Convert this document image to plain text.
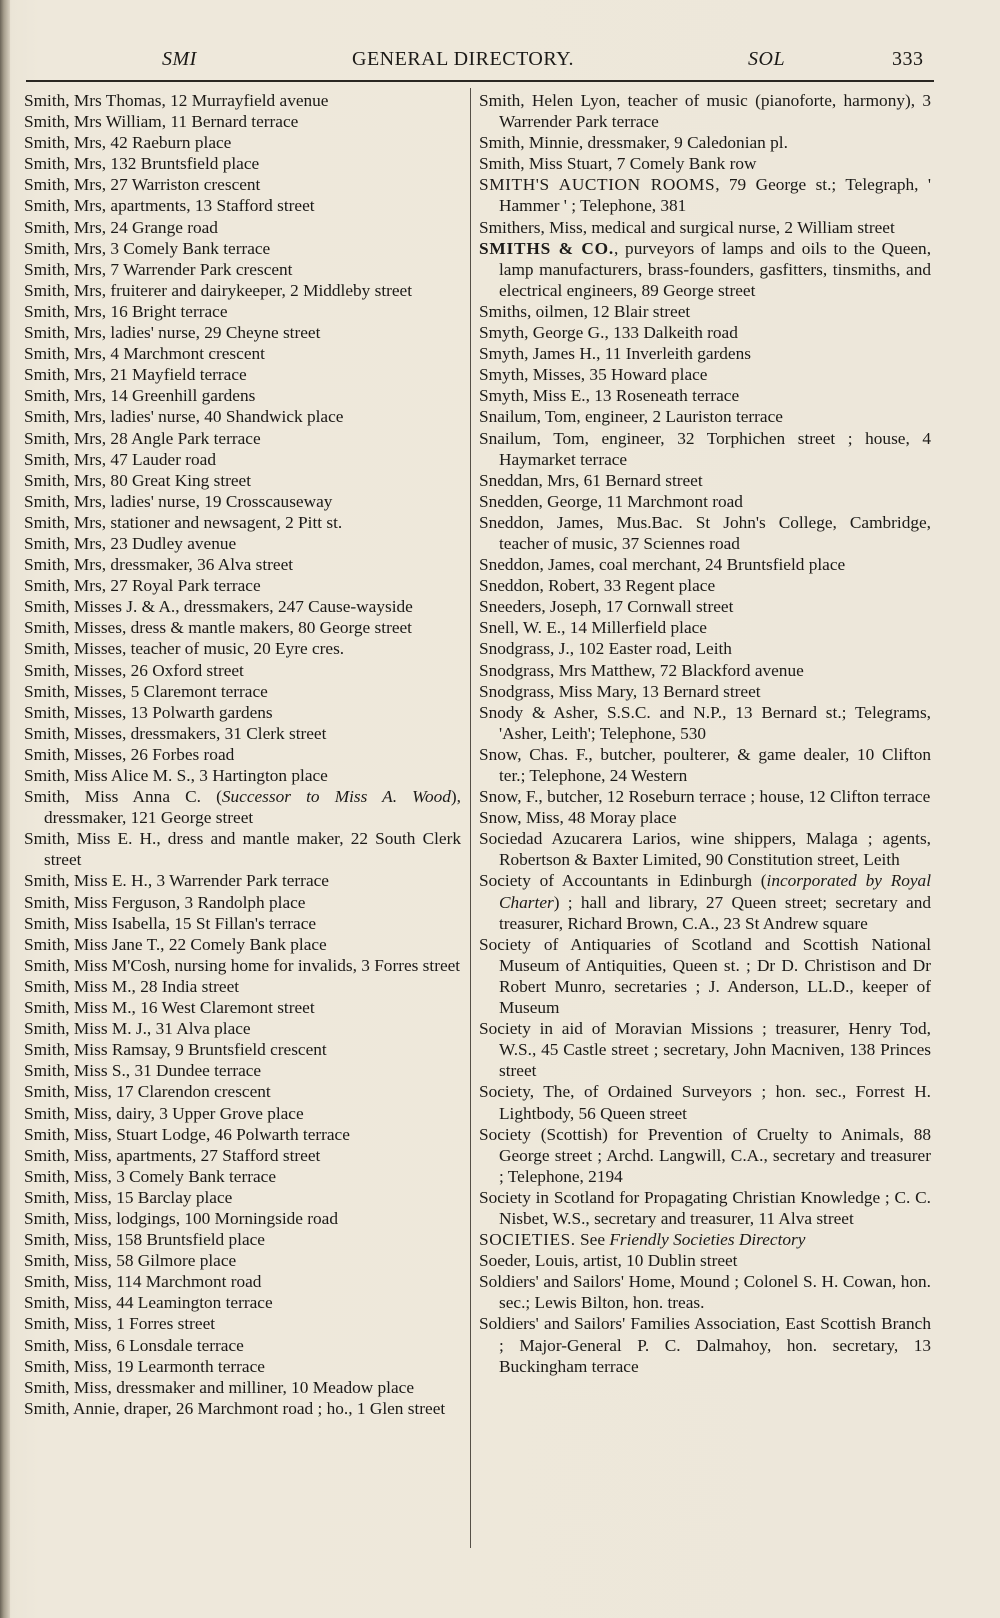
SMI	GENERAL DIRECTORY.	SOL	333

Smith, Mrs Thomas, 12 Murrayfield avenue

Smith, Mrs William, 11 Bernard terrace

Smith, Mrs, 42 Raeburn place

Smith, Mrs, 132 Bruntsfield place

Smith, Mrs, 27 Warriston crescent

Smith, Mrs, apartments, 13 Stafford street

Smith, Mrs, 24 Grange road

Smith, Mrs, 3 Comely Bank terrace

Smith, Mrs, 7 Warrender Park crescent

Smith, Mrs, fruiterer and dairykeeper, 2 Middleby street

Smith, Mrs, 16 Bright terrace

Smith, Mrs, ladies' nurse, 29 Cheyne street

Smith, Mrs, 4 Marchmont crescent

Smith, Mrs, 21 Mayfield terrace

Smith, Mrs, 14 Greenhill gardens

Smith, Mrs, ladies' nurse, 40 Shandwick place

Smith, Mrs, 28 Angle Park terrace

Smith, Mrs, 47 Lauder road

Smith, Mrs, 80 Great King street

Smith, Mrs, ladies' nurse, 19 Crosscauseway

Smith, Mrs, stationer and newsagent, 2 Pitt st.

Smith, Mrs, 23 Dudley avenue

Smith, Mrs, dressmaker, 36 Alva street

Smith, Mrs, 27 Royal Park terrace

Smith, Misses J. & A., dressmakers, 247 Cause-wayside

Smith, Misses, dress & mantle makers, 80 George street

Smith, Misses, teacher of music, 20 Eyre cres.

Smith, Misses, 26 Oxford street

Smith, Misses, 5 Claremont terrace

Smith, Misses, 13 Polwarth gardens

Smith, Misses, dressmakers, 31 Clerk street

Smith, Misses, 26 Forbes road

Smith, Miss Alice M. S., 3 Hartington place

Smith, Miss Anna C. (Successor to Miss A. Wood), dressmaker, 121 George street

Smith, Miss E. H., dress and mantle maker, 22 South Clerk street

Smith, Miss E. H., 3 Warrender Park terrace

Smith, Miss Ferguson, 3 Randolph place

Smith, Miss Isabella, 15 St Fillan's terrace

Smith, Miss Jane T., 22 Comely Bank place

Smith, Miss M'Cosh, nursing home for invalids, 3 Forres street

Smith, Miss M., 28 India street

Smith, Miss M., 16 West Claremont street

Smith, Miss M. J., 31 Alva place

Smith, Miss Ramsay, 9 Bruntsfield crescent

Smith, Miss S., 31 Dundee terrace

Smith, Miss, 17 Clarendon crescent

Smith, Miss, dairy, 3 Upper Grove place

Smith, Miss, Stuart Lodge, 46 Polwarth terrace

Smith, Miss, apartments, 27 Stafford street

Smith, Miss, 3 Comely Bank terrace

Smith, Miss, 15 Barclay place

Smith, Miss, lodgings, 100 Morningside road

Smith, Miss, 158 Bruntsfield place

Smith, Miss, 58 Gilmore place

Smith, Miss, 114 Marchmont road

Smith, Miss, 44 Leamington terrace

Smith, Miss, 1 Forres street

Smith, Miss, 6 Lonsdale terrace

Smith, Miss, 19 Learmonth terrace

Smith, Miss, dressmaker and milliner, 10 Meadow place

Smith, Annie, draper, 26 Marchmont road ; ho., 1 Glen street

Smith, Helen Lyon, teacher of music (pianoforte, harmony), 3 Warrender Park terrace

Smith, Minnie, dressmaker, 9 Caledonian pl.

Smith, Miss Stuart, 7 Comely Bank row

SMITH'S AUCTION ROOMS, 79 George st.; Telegraph, ' Hammer ' ; Telephone, 381

Smithers, Miss, medical and surgical nurse, 2 William street

SMITHS & CO., purveyors of lamps and oils to the Queen, lamp manufacturers, brass-founders, gasfitters, tinsmiths, and electrical engineers, 89 George street

Smiths, oilmen, 12 Blair street

Smyth, George G., 133 Dalkeith road

Smyth, James H., 11 Inverleith gardens

Smyth, Misses, 35 Howard place

Smyth, Miss E., 13 Roseneath terrace

Snailum, Tom, engineer, 2 Lauriston terrace

Snailum, Tom, engineer, 32 Torphichen street ; house, 4 Haymarket terrace

Sneddan, Mrs, 61 Bernard street

Snedden, George, 11 Marchmont road

Sneddon, James, Mus.Bac. St John's College, Cambridge, teacher of music, 37 Sciennes road

Sneddon, James, coal merchant, 24 Bruntsfield place

Sneddon, Robert, 33 Regent place

Sneeders, Joseph, 17 Cornwall street

Snell, W. E., 14 Millerfield place

Snodgrass, J., 102 Easter road, Leith

Snodgrass, Mrs Matthew, 72 Blackford avenue

Snodgrass, Miss Mary, 13 Bernard street

Snody & Asher, S.S.C. and N.P., 13 Bernard st.; Telegrams, 'Asher, Leith'; Telephone, 530

Snow, Chas. F., butcher, poulterer, & game dealer, 10 Clifton ter.; Telephone, 24 Western

Snow, F., butcher, 12 Roseburn terrace ; house, 12 Clifton terrace

Snow, Miss, 48 Moray place

Sociedad Azucarera Larios, wine shippers, Malaga ; agents, Robertson & Baxter Limited, 90 Constitution street, Leith

Society of Accountants in Edinburgh (incorporated by Royal Charter) ; hall and library, 27 Queen street; secretary and treasurer, Richard Brown, C.A., 23 St Andrew square

Society of Antiquaries of Scotland and Scottish National Museum of Antiquities, Queen st. ; Dr D. Christison and Dr Robert Munro, secretaries ; J. Anderson, LL.D., keeper of Museum

Society in aid of Moravian Missions ; treasurer, Henry Tod, W.S., 45 Castle street ; secretary, John Macniven, 138 Princes street

Society, The, of Ordained Surveyors ; hon. sec., Forrest H. Lightbody, 56 Queen street

Society (Scottish) for Prevention of Cruelty to Animals, 88 George street ; Archd. Langwill, C.A., secretary and treasurer ; Telephone, 2194

Society in Scotland for Propagating Christian Knowledge ; C. C. Nisbet, W.S., secretary and treasurer, 11 Alva street

SOCIETIES. See Friendly Societies Directory

Soeder, Louis, artist, 10 Dublin street

Soldiers' and Sailors' Home, Mound ; Colonel S. H. Cowan, hon. sec.; Lewis Bilton, hon. treas.

Soldiers' and Sailors' Families Association, East Scottish Branch ; Major-General P. C. Dalmahoy, hon. secretary, 13 Buckingham terrace
